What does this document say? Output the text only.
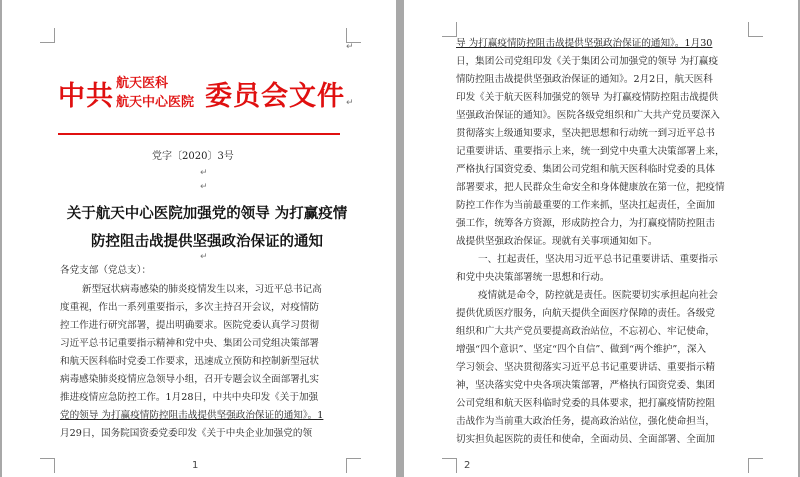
↵
中共 航天医科
航天中心医院 委员会文件 ↵
党字〔2020〕3号
↵
↵
关于航天中心医院加强党的领导 为打赢疫情
防控阻击战提供坚强政治保证的通知
↵
各党支部（党总支）：
新型冠状病毒感染的肺炎疫情发生以来，习近平总书记高
度重视，作出一系列重要指示，多次主持召开会议，对疫情防
控工作进行研究部署，提出明确要求。医院党委认真学习贯彻
习近平总书记重要指示精神和党中央、集团公司党组决策部署
和航天医科临时党委工作要求，迅速成立预防和控制新型冠状
病毒感染肺炎疫情应急领导小组，召开专题会议全面部署扎实
推进疫情应急防控工作。1月28日，中共中央印发《关于加强
党的领导 为打赢疫情防控阻击战提供坚强政治保证的通知》。1
月29日，国务院国资委党委印发《关于中央企业加强党的领
1
导 为打赢疫情防控阻击战提供坚强政治保证的通知》。1月30
日，集团公司党组印发《关于集团公司加强党的领导 为打赢疫
情防控阻击战提供坚强政治保证的通知》。2月2日，航天医科
印发《关于航天医科加强党的领导 为打赢疫情防控阻击战提供
坚强政治保证的通知》。医院各级党组织和广大共产党员要深入
贯彻落实上级通知要求，坚决把思想和行动统一到习近平总书
记重要讲话、重要指示上来，统一到党中央重大决策部署上来，
严格执行国资党委、集团公司党组和航天医科临时党委的具体
部署要求，把人民群众生命安全和身体健康放在第一位，把疫情
防控工作作为当前最重要的工作来抓，坚决扛起责任，全面加
强工作，统筹各方资源，形成防控合力，为打赢疫情防控阻击
战提供坚强政治保证。现就有关事项通知如下。
一、扛起责任，坚决用习近平总书记重要讲话、重要指示
和党中央决策部署统一思想和行动。
疫情就是命令，防控就是责任。医院要切实承担起向社会
提供优质医疗服务，向航天提供全面医疗保障的责任。各级党
组织和广大共产党员要提高政治站位，不忘初心、牢记使命，
增强“四个意识”、坚定“四个自信”、做到“两个维护”，深入
学习领会、坚决贯彻落实习近平总书记重要讲话、重要指示精
神，坚决落实党中央各项决策部署，严格执行国资党委、集团
公司党组和航天医科临时党委的具体要求，把打赢疫情防控阻
击战作为当前重大政治任务，提高政治站位，强化使命担当，
切实担负起医院的责任和使命，全面动员、全面部署、全面加
2
